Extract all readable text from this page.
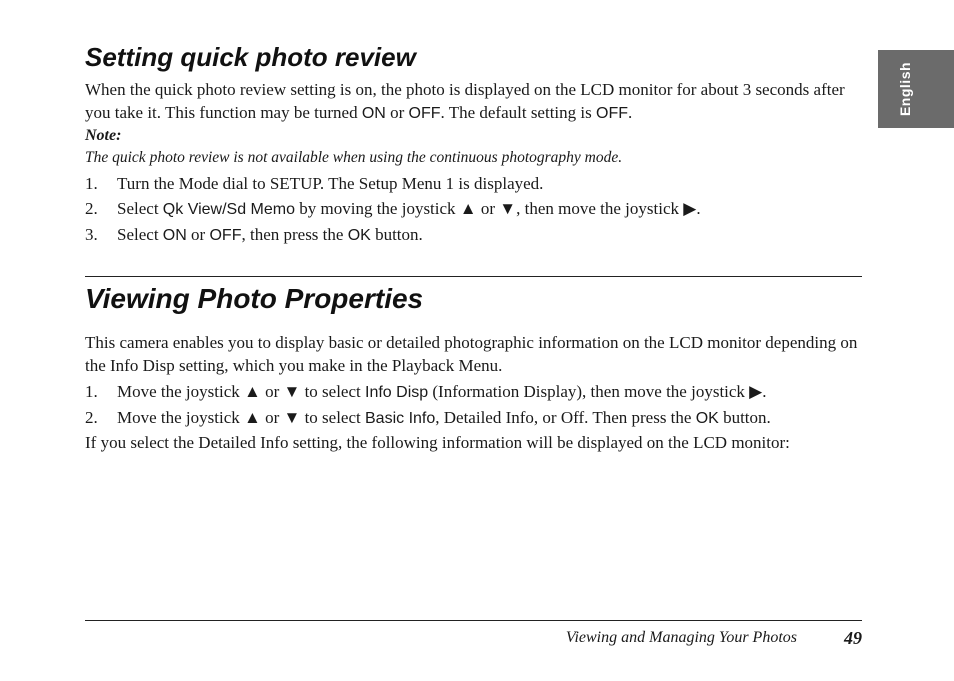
English
Setting quick photo review

When the quick photo review setting is on, the photo is displayed on the LCD monitor for about 3 seconds after you take it. This function may be turned ON or OFF. The default setting is OFF.

Note:
The quick photo review is not available when using the continuous photography mode.
1. Turn the Mode dial to SETUP. The Setup Menu 1 is displayed.
2. Select Qk View/Sd Memo by moving the joystick ▲ or ▼, then move the joystick ▶.
3. Select ON or OFF, then press the OK button.
Viewing Photo Properties

This camera enables you to display basic or detailed photographic information on the LCD monitor depending on the Info Disp setting, which you make in the Playback Menu.

1. Move the joystick ▲ or ▼ to select Info Disp (Information Display), then move the joystick ▶.
2. Move the joystick ▲ or ▼ to select Basic Info, Detailed Info, or Off. Then press the OK button.

If you select the Detailed Info setting, the following information will be displayed on the LCD monitor:

Viewing and Managing Your Photos	49
